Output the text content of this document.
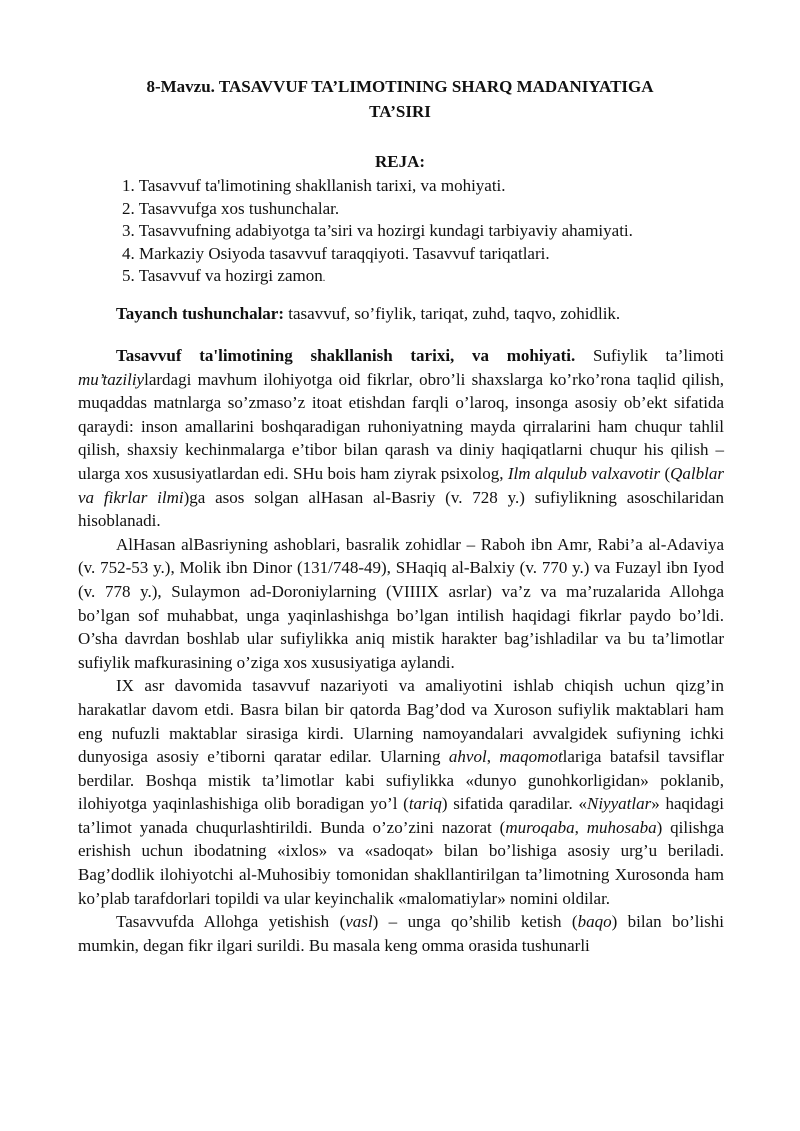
8-Mavzu. TASAVVUF TA’LIMOTINING SHARQ MADANIYATIGA
TA’SIRI
REJA:
1. Tasavvuf ta'limotining shakllanish tarixi, va mohiyati.
2. Tasavvufga xos tushunchalar.
3. Tasavvufning adabiyotga ta’siri va hozirgi kundagi tarbiyaviy ahamiyati.
4. Markaziy Osiyoda tasavvuf taraqqiyoti. Tasavvuf tariqatlari.
5. Tasavvuf va hozirgi zamon.
Tayanch tushunchalar: tasavvuf, so’fiylik, tariqat, zuhd, taqvo, zohidlik.

Tasavvuf ta'limotining shakllanish tarixi, va mohiyati. Sufiylik ta’limoti mu’taziliylardagi mavhum ilohiyotga oid fikrlar, obro’li shaxslarga ko’rko’rona taqlid qilish, muqaddas matnlarga so’zmaso’z itoat etishdan farqli o’laroq, insonga asosiy ob’ekt sifatida qaraydi: inson amallarini boshqaradigan ruhoniyatning mayda qirralarini ham chuqur tahlil qilish, shaxsiy kechinmalarga e’tibor bilan qarash va diniy haqiqatlarni chuqur his qilish – ularga xos xususiyatlardan edi. SHu bois ham ziyrak psixolog, Ilm alqulub valxavotir (Qalblar va fikrlar ilmi)ga asos solgan alHasan al-Basriy (v. 728 y.) sufiylikning asoschilaridan hisoblanadi.

AlHasan alBasriyning ashoblari, basralik zohidlar – Raboh ibn Amr, Rabi’a al-Adaviya (v. 752-53 y.), Molik ibn Dinor (131/748-49), SHaqiq al-Balxiy (v. 770 y.) va Fuzayl ibn Iyod (v. 778 y.), Sulaymon ad-Doroniylarning (VIIIIX asrlar) va’z va ma’ruzalarida Allohga bo’lgan sof muhabbat, unga yaqinlashishga bo’lgan intilish haqidagi fikrlar paydo bo’ldi. O’sha davrdan boshlab ular sufiylikka aniq mistik harakter bag’ishladilar va bu ta’limotlar sufiylik mafkurasining o’ziga xos xususiyatiga aylandi.

IX asr davomida tasavvuf nazariyoti va amaliyotini ishlab chiqish uchun qizg’in harakatlar davom etdi. Basra bilan bir qatorda Bag’dod va Xuroson sufiylik maktablari ham eng nufuzli maktablar sirasiga kirdi. Ularning namoyandalari avvalgidek sufiyning ichki dunyosiga asosiy e’tiborni qaratar edilar. Ularning ahvol, maqomotlariga batafsil tavsiflar berdilar. Boshqa mistik ta’limotlar kabi sufiylikka «dunyo gunohkorligidan» poklanib, ilohiyotga yaqinlashishiga olib boradigan yo’l (tariq) sifatida qaradilar. «Niyyatlar» haqidagi ta’limot yanada chuqurlashtirildi. Bunda o’zo’zini nazorat (muroqaba, muhosaba) qilishga erishish uchun ibodatning «ixlos» va «sadoqat» bilan bo’lishiga asosiy urg’u beriladi. Bag’dodlik ilohiyotchi al-Muhosibiy tomonidan shakllantirilgan ta’limotning Xurosonda ham ko’plab tarafdorlari topildi va ular keyinchalik «malomatiylar» nomini oldilar.

Tasavvufda Allohga yetishish (vasl) – unga qo’shilib ketish (baqo) bilan bo’lishi mumkin, degan fikr ilgari surildi. Bu masala keng omma orasida tushunarli
